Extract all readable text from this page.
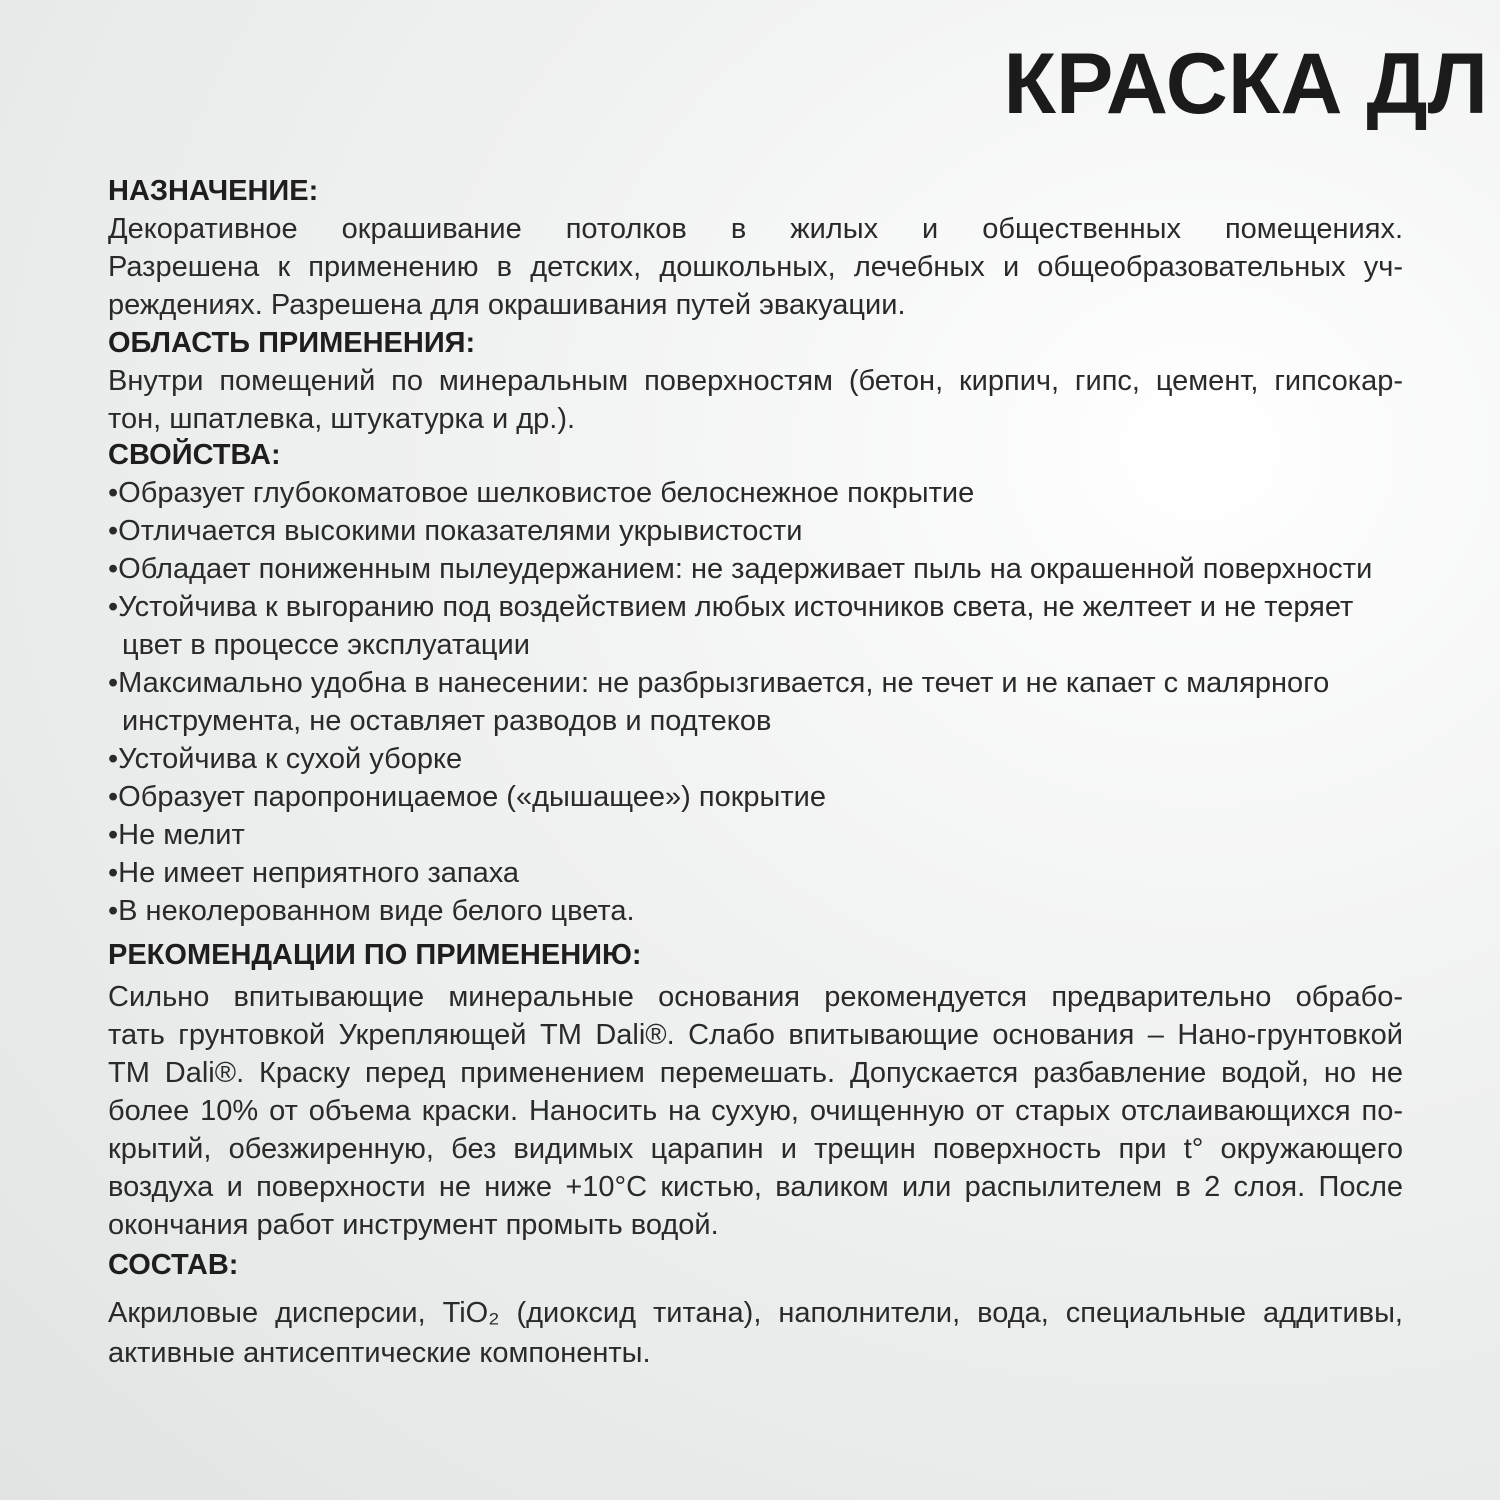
КРАСКА ДЛ
НАЗНАЧЕНИЕ:
Декоративное окрашивание потолков в жилых и общественных помещениях.
Разрешена к применению в детских, дошкольных, лечебных и общеобразовательных уч-
реждениях. Разрешена для окрашивания путей эвакуации.
ОБЛАСТЬ ПРИМЕНЕНИЯ:
Внутри помещений по минеральным поверхностям (бетон, кирпич, гипс, цемент, гипсокар-
тон, шпатлевка, штукатурка и др.).
СВОЙСТВА:
•Образует глубокоматовое шелковистое белоснежное покрытие
•Отличается высокими показателями укрывистости
•Обладает пониженным пылеудержанием: не задерживает пыль на окрашенной поверхности
•Устойчива к выгоранию под воздействием любых источников света, не желтеет и не теряет
цвет в процессе эксплуатации
•Максимально удобна в нанесении: не разбрызгивается, не течет и не капает с малярного
инструмента, не оставляет разводов и подтеков
•Устойчива к сухой уборке
•Образует паропроницаемое («дышащее») покрытие
•Не мелит
•Не имеет неприятного запаха
•В неколерованном виде белого цвета.
РЕКОМЕНДАЦИИ ПО ПРИМЕНЕНИЮ:
Сильно впитывающие минеральные основания рекомендуется предварительно обрабо-
тать грунтовкой Укрепляющей ТМ Dali®. Слабо впитывающие основания – Нано-грунтовкой
ТМ Dali®. Краску перед применением перемешать. Допускается разбавление водой, но не
более 10% от объема краски. Наносить на сухую, очищенную от старых отслаивающихся по-
крытий, обезжиренную, без видимых царапин и трещин поверхность при t° окружающего
воздуха и поверхности не ниже +10°С кистью, валиком или распылителем в 2 слоя. После
окончания работ инструмент промыть водой.
СОСТАВ:
Акриловые дисперсии, TiO₂ (диоксид титана), наполнители, вода, специальные аддитивы,
активные антисептические компоненты.
